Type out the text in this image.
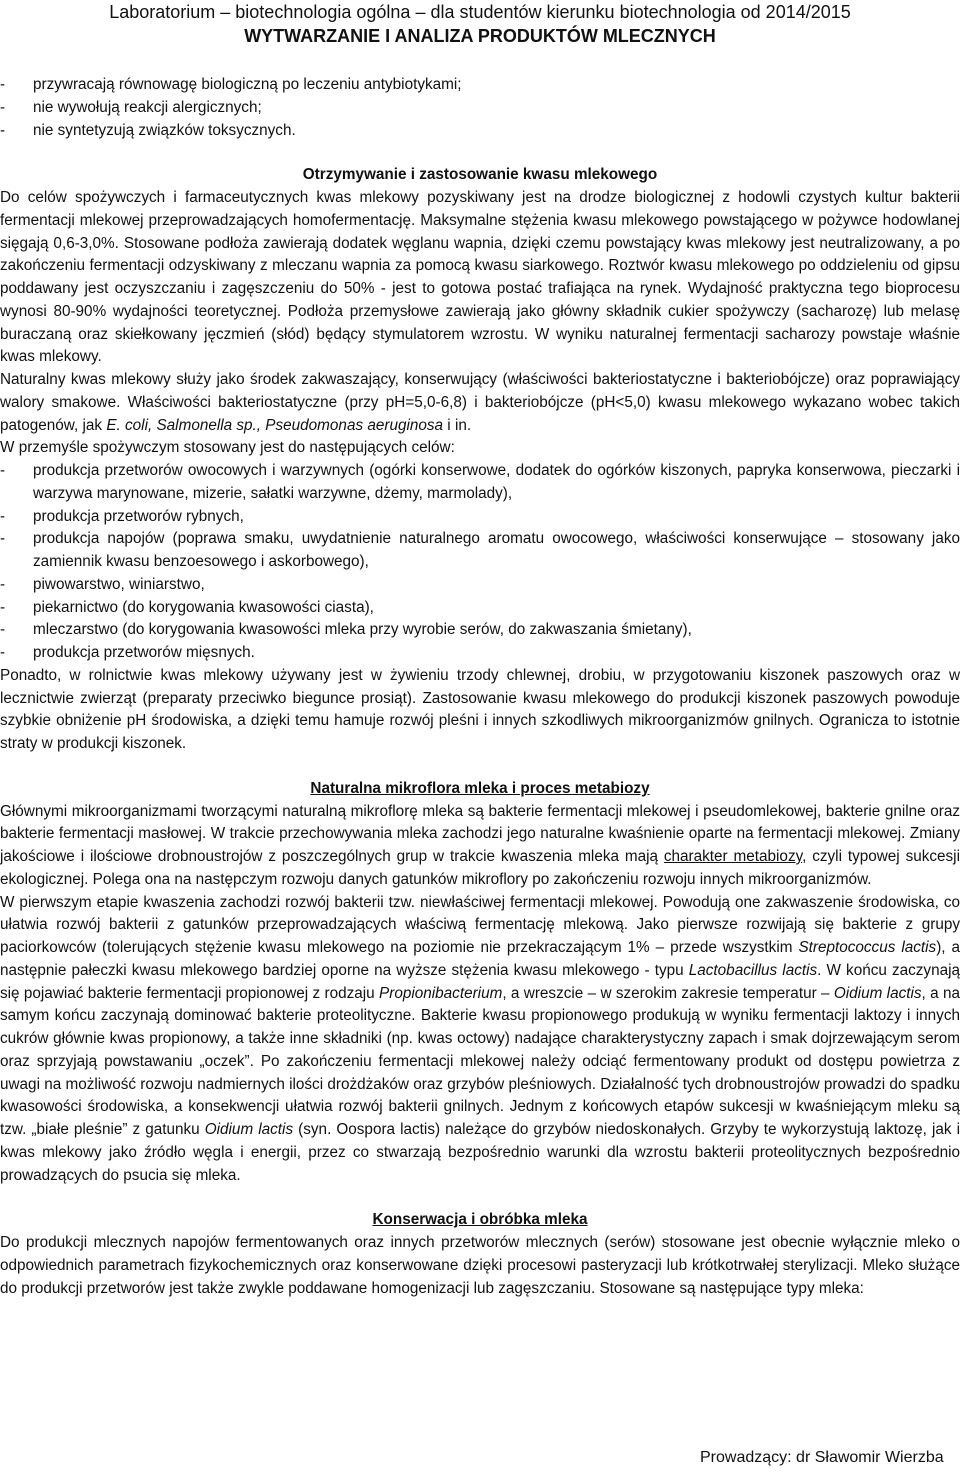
Laboratorium – biotechnologia ogólna – dla studentów kierunku biotechnologia od 2014/2015
WYTWARZANIE I ANALIZA PRODUKTÓW MLECZNYCH

- przywracają równowagę biologiczną po leczeniu antybiotykami;

- nie wywołują reakcji alergicznych;

- nie syntetyzują związków toksycznych.

Otrzymywanie i zastosowanie kwasu mlekowego

Do celów spożywczych i farmaceutycznych kwas mlekowy pozyskiwany jest na drodze biologicznej z hodowli czystych kultur bakterii fermentacji mlekowej przeprowadzających homofermentację. Maksymalne stężenia kwasu mlekowego powstającego w pożywce hodowlanej sięgają 0,6-3,0%. Stosowane podłoża zawierają dodatek węglanu wapnia, dzięki czemu powstający kwas mlekowy jest neutralizowany, a po zakończeniu fermentacji odzyskiwany z mleczanu wapnia za pomocą kwasu siarkowego. Roztwór kwasu mlekowego po oddzieleniu od gipsu poddawany jest oczyszczaniu i zagęszczeniu do 50% - jest to gotowa postać trafiająca na rynek. Wydajność praktyczna tego bioprocesu wynosi 80-90% wydajności teoretycznej. Podłoża przemysłowe zawierają jako główny składnik cukier spożywczy (sacharozę) lub melasę buraczaną oraz skiełkowany jęczmień (słód) będący stymulatorem wzrostu. W wyniku naturalnej fermentacji sacharozy powstaje właśnie kwas mlekowy.

Naturalny kwas mlekowy służy jako środek zakwaszający, konserwujący (właściwości bakteriostatyczne i bakteriobójcze) oraz poprawiający walory smakowe. Właściwości bakteriostatyczne (przy pH=5,0-6,8) i bakteriobójcze (pH<5,0) kwasu mlekowego wykazano wobec takich patogenów, jak E. coli, Salmonella sp., Pseudomonas aeruginosa i in.

W przemyśle spożywczym stosowany jest do następujących celów:

- produkcja przetworów owocowych i warzywnych (ogórki konserwowe, dodatek do ogórków kiszonych, papryka konserwowa, pieczarki i warzywa marynowane, mizerie, sałatki warzywne, dżemy, marmolady),

- produkcja przetworów rybnych,

- produkcja napojów (poprawa smaku, uwydatnienie naturalnego aromatu owocowego, właściwości konserwujące – stosowany jako zamiennik kwasu benzoesowego i askorbowego),

- piwowarstwo, winiarstwo,

- piekarnictwo (do korygowania kwasowości ciasta),

- mleczarstwo (do korygowania kwasowości mleka przy wyrobie serów, do zakwaszania śmietany),

- produkcja przetworów mięsnych.

Ponadto, w rolnictwie kwas mlekowy używany jest w żywieniu trzody chlewnej, drobiu, w przygotowaniu kiszonek paszowych oraz w lecznictwie zwierząt (preparaty przeciwko biegunce prosiąt). Zastosowanie kwasu mlekowego do produkcji kiszonek paszowych powoduje szybkie obniżenie pH środowiska, a dzięki temu hamuje rozwój pleśni i innych szkodliwych mikroorganizmów gnilnych. Ogranicza to istotnie straty w produkcji kiszonek.

Naturalna mikroflora mleka i proces metabiozy

Głównymi mikroorganizmami tworzącymi naturalną mikroflorę mleka są bakterie fermentacji mlekowej i pseudomlekowej, bakterie gnilne oraz bakterie fermentacji masłowej. W trakcie przechowywania mleka zachodzi jego naturalne kwaśnienie oparte na fermentacji mlekowej. Zmiany jakościowe i ilościowe drobnoustrojów z poszczególnych grup w trakcie kwaszenia mleka mają charakter metabiozy, czyli typowej sukcesji ekologicznej. Polega ona na następczym rozwoju danych gatunków mikroflory po zakończeniu rozwoju innych mikroorganizmów.

W pierwszym etapie kwaszenia zachodzi rozwój bakterii tzw. niewłaściwej fermentacji mlekowej. Powodują one zakwaszenie środowiska, co ułatwia rozwój bakterii z gatunków przeprowadzających właściwą fermentację mlekową. Jako pierwsze rozwijają się bakterie z grupy paciorkowców (tolerujących stężenie kwasu mlekowego na poziomie nie przekraczającym 1% – przede wszystkim Streptococcus lactis), a następnie pałeczki kwasu mlekowego bardziej oporne na wyższe stężenia kwasu mlekowego - typu Lactobacillus lactis. W końcu zaczynają się pojawiać bakterie fermentacji propionowej z rodzaju Propionibacterium, a wreszcie – w szerokim zakresie temperatur – Oidium lactis, a na samym końcu zaczynają dominować bakterie proteolityczne. Bakterie kwasu propionowego produkują w wyniku fermentacji laktozy i innych cukrów głównie kwas propionowy, a także inne składniki (np. kwas octowy) nadające charakterystyczny zapach i smak dojrzewającym serom oraz sprzyjają powstawaniu „oczek”. Po zakończeniu fermentacji mlekowej należy odciąć fermentowany produkt od dostępu powietrza z uwagi na możliwość rozwoju nadmiernych ilości drożdżaków oraz grzybów pleśniowych. Działalność tych drobnoustrojów prowadzi do spadku kwasowości środowiska, a konsekwencji ułatwia rozwój bakterii gnilnych. Jednym z końcowych etapów sukcesji w kwaśniejącym mleku są tzw. „białe pleśnie” z gatunku Oidium lactis (syn. Oospora lactis) należące do grzybów niedoskonałych. Grzyby te wykorzystują laktozę, jak i kwas mlekowy jako źródło węgla i energii, przez co stwarzają bezpośrednio warunki dla wzrostu bakterii proteolitycznych bezpośrednio prowadzących do psucia się mleka.

Konserwacja i obróbka mleka

Do produkcji mlecznych napojów fermentowanych oraz innych przetworów mlecznych (serów) stosowane jest obecnie wyłącznie mleko o odpowiednich parametrach fizykochemicznych oraz konserwowane dzięki procesowi pasteryzacji lub krótkotrwałej sterylizacji. Mleko służące do produkcji przetworów jest także zwykle poddawane homogenizacji lub zagęszczaniu. Stosowane są następujące typy mleka:

Prowadzący: dr Sławomir Wierzba
